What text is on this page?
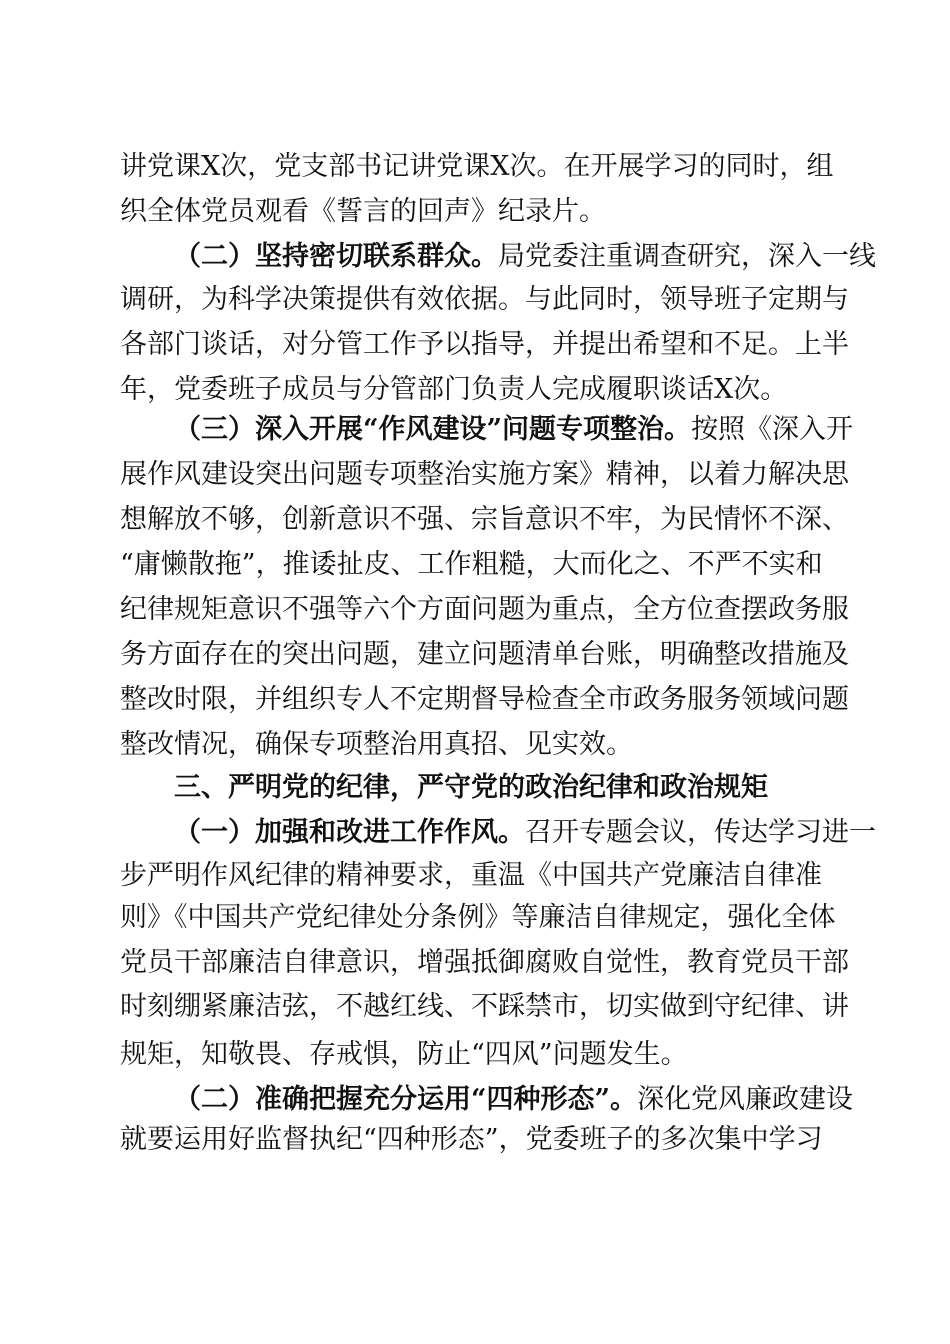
讲党课X次，党支部书记讲党课X次。在开展学习的同时，组
织全体党员观看《誓言的回声》纪录片。
（二）坚持密切联系群众。局党委注重调查研究，深入一线
调研，为科学决策提供有效依据。与此同时，领导班子定期与
各部门谈话，对分管工作予以指导，并提出希望和不足。上半
年，党委班子成员与分管部门负责人完成履职谈话X次。
（三）深入开展“作风建设”问题专项整治。按照《深入开
展作风建设突出问题专项整治实施方案》精神，以着力解决思
想解放不够，创新意识不强、宗旨意识不牢，为民情怀不深、
“庸懒散拖”，推诿扯皮、工作粗糙，大而化之、不严不实和
纪律规矩意识不强等六个方面问题为重点，全方位查摆政务服
务方面存在的突出问题，建立问题清单台账，明确整改措施及
整改时限，并组织专人不定期督导检查全市政务服务领域问题
整改情况，确保专项整治用真招、见实效。
三、严明党的纪律，严守党的政治纪律和政治规矩
（一）加强和改进工作作风。召开专题会议，传达学习进一
步严明作风纪律的精神要求，重温《中国共产党廉洁自律准
则》《中国共产党纪律处分条例》等廉洁自律规定，强化全体
党员干部廉洁自律意识，增强抵御腐败自觉性，教育党员干部
时刻绷紧廉洁弦，不越红线、不踩禁市，切实做到守纪律、讲
规矩，知敬畏、存戒惧，防止“四风”问题发生。
（二）准确把握充分运用“四种形态”。深化党风廉政建设
就要运用好监督执纪“四种形态”，党委班子的多次集中学习
